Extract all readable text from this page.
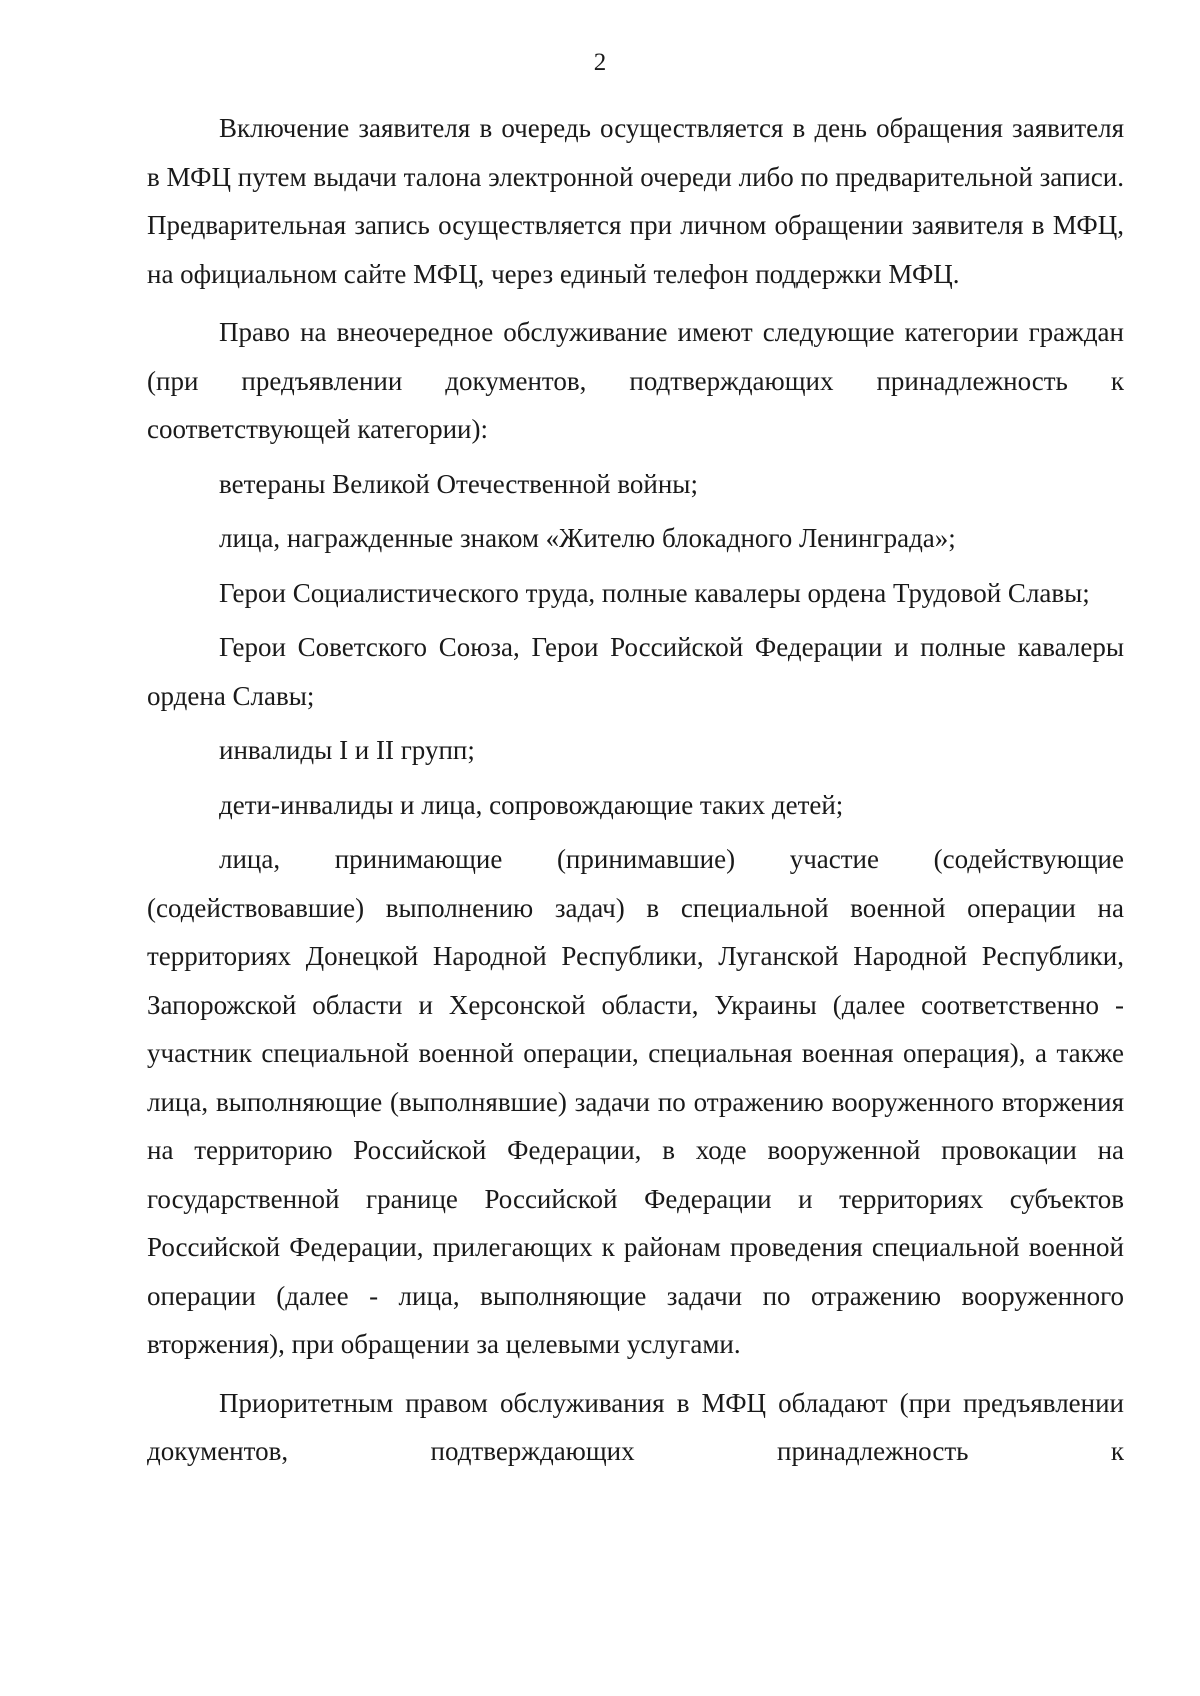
2

Включение заявителя в очередь осуществляется в день обращения заявителя в МФЦ путем выдачи талона электронной очереди либо по предварительной записи. Предварительная запись осуществляется при личном обращении заявителя в МФЦ, на официальном сайте МФЦ, через единый телефон поддержки МФЦ.

Право на внеочередное обслуживание имеют следующие категории граждан (при предъявлении документов, подтверждающих принадлежность к соответствующей категории):

ветераны Великой Отечественной войны;

лица, награжденные знаком «Жителю блокадного Ленинграда»;

Герои Социалистического труда, полные кавалеры ордена Трудовой Славы;

Герои Советского Союза, Герои Российской Федерации и полные кавалеры ордена Славы;

инвалиды I и II групп;

дети-инвалиды и лица, сопровождающие таких детей;

лица, принимающие (принимавшие) участие (содействующие (содействовавшие) выполнению задач) в специальной военной операции на территориях Донецкой Народной Республики, Луганской Народной Республики, Запорожской области и Херсонской области, Украины (далее соответственно - участник специальной военной операции, специальная военная операция), а также лица, выполняющие (выполнявшие) задачи по отражению вооруженного вторжения на территорию Российской Федерации, в ходе вооруженной провокации на государственной границе Российской Федерации и территориях субъектов Российской Федерации, прилегающих к районам проведения специальной военной операции (далее - лица, выполняющие задачи по отражению вооруженного вторжения), при обращении за целевыми услугами.

Приоритетным правом обслуживания в МФЦ обладают (при предъявлении документов, подтверждающих принадлежность к
